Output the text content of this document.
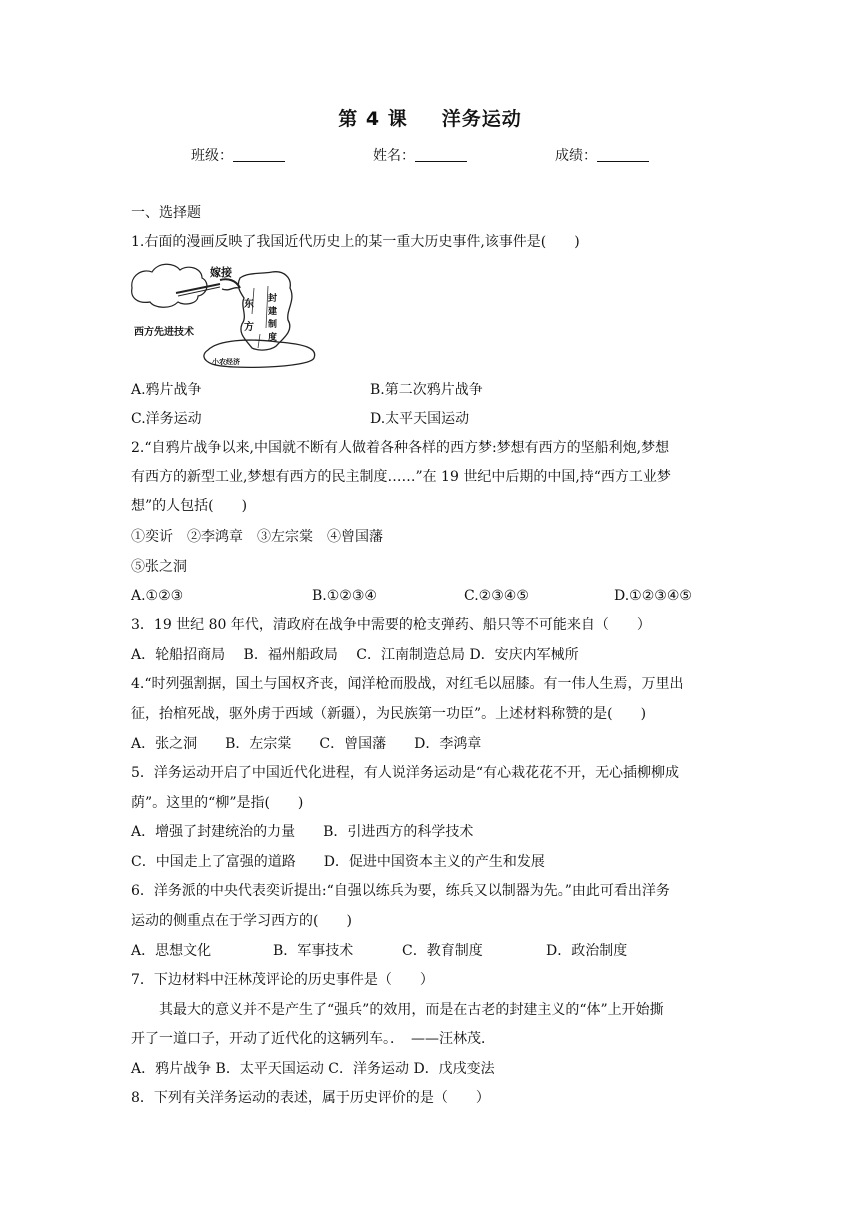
第 4 课 洋务运动
班级：	姓名：	成绩：
一、选择题
1.右面的漫画反映了我国近代历史上的某一重大历史事件,该事件是(　　)
嫁接
东
方
封
建
制
度
西方先进技术
小农经济
A.鸦片战争	B.第二次鸦片战争
C.洋务运动	D.太平天国运动
2.“自鸦片战争以来,中国就不断有人做着各种各样的西方梦:梦想有西方的坚船利炮,梦想
有西方的新型工业,梦想有西方的民主制度……”在 19 世纪中后期的中国,持“西方工业梦
想”的人包括(　　)
①奕䜣　②李鸿章　③左宗棠　④曾国藩
⑤张之洞
A.①②③	B.①②③④	C.②③④⑤	D.①②③④⑤
3．19 世纪 80 年代，清政府在战争中需要的枪支弹药、船只等不可能来自（　　）
A．轮船招商局　 B．福州船政局　 C．江南制造总局 D．安庆内军械所
4.“时列强割据，国土与国权齐丧，闻洋枪而股战，对红毛以屈膝。有一伟人生焉，万里出
征，抬棺死战，驱外虏于西域（新疆），为民族第一功臣”。上述材料称赞的是(　　)
A．张之洞　　B．左宗棠　　C．曾国藩　　D．李鸿章
5．洋务运动开启了中国近代化进程，有人说洋务运动是“有心栽花花不开，无心插柳柳成
荫”。这里的“柳”是指(　　)
A．增强了封建统治的力量　　B．引进西方的科学技术
C．中国走上了富强的道路　　D．促进中国资本主义的产生和发展
6．洋务派的中央代表奕䜣提出:“自强以练兵为要，练兵又以制器为先。”由此可看出洋务
运动的侧重点在于学习西方的(　　)
A．思想文化	B．军事技术	C．教育制度	D．政治制度
7．下边材料中汪林茂评论的历史事件是（　　）
其最大的意义并不是产生了“强兵”的效用，而是在古老的封建主义的“体”上开始撕
开了一道口子，开动了近代化的这辆列车。．　——汪林茂．
A．鸦片战争 B．太平天国运动 C．洋务运动 D．戊戌变法
8．下列有关洋务运动的表述，属于历史评价的是（　　）
